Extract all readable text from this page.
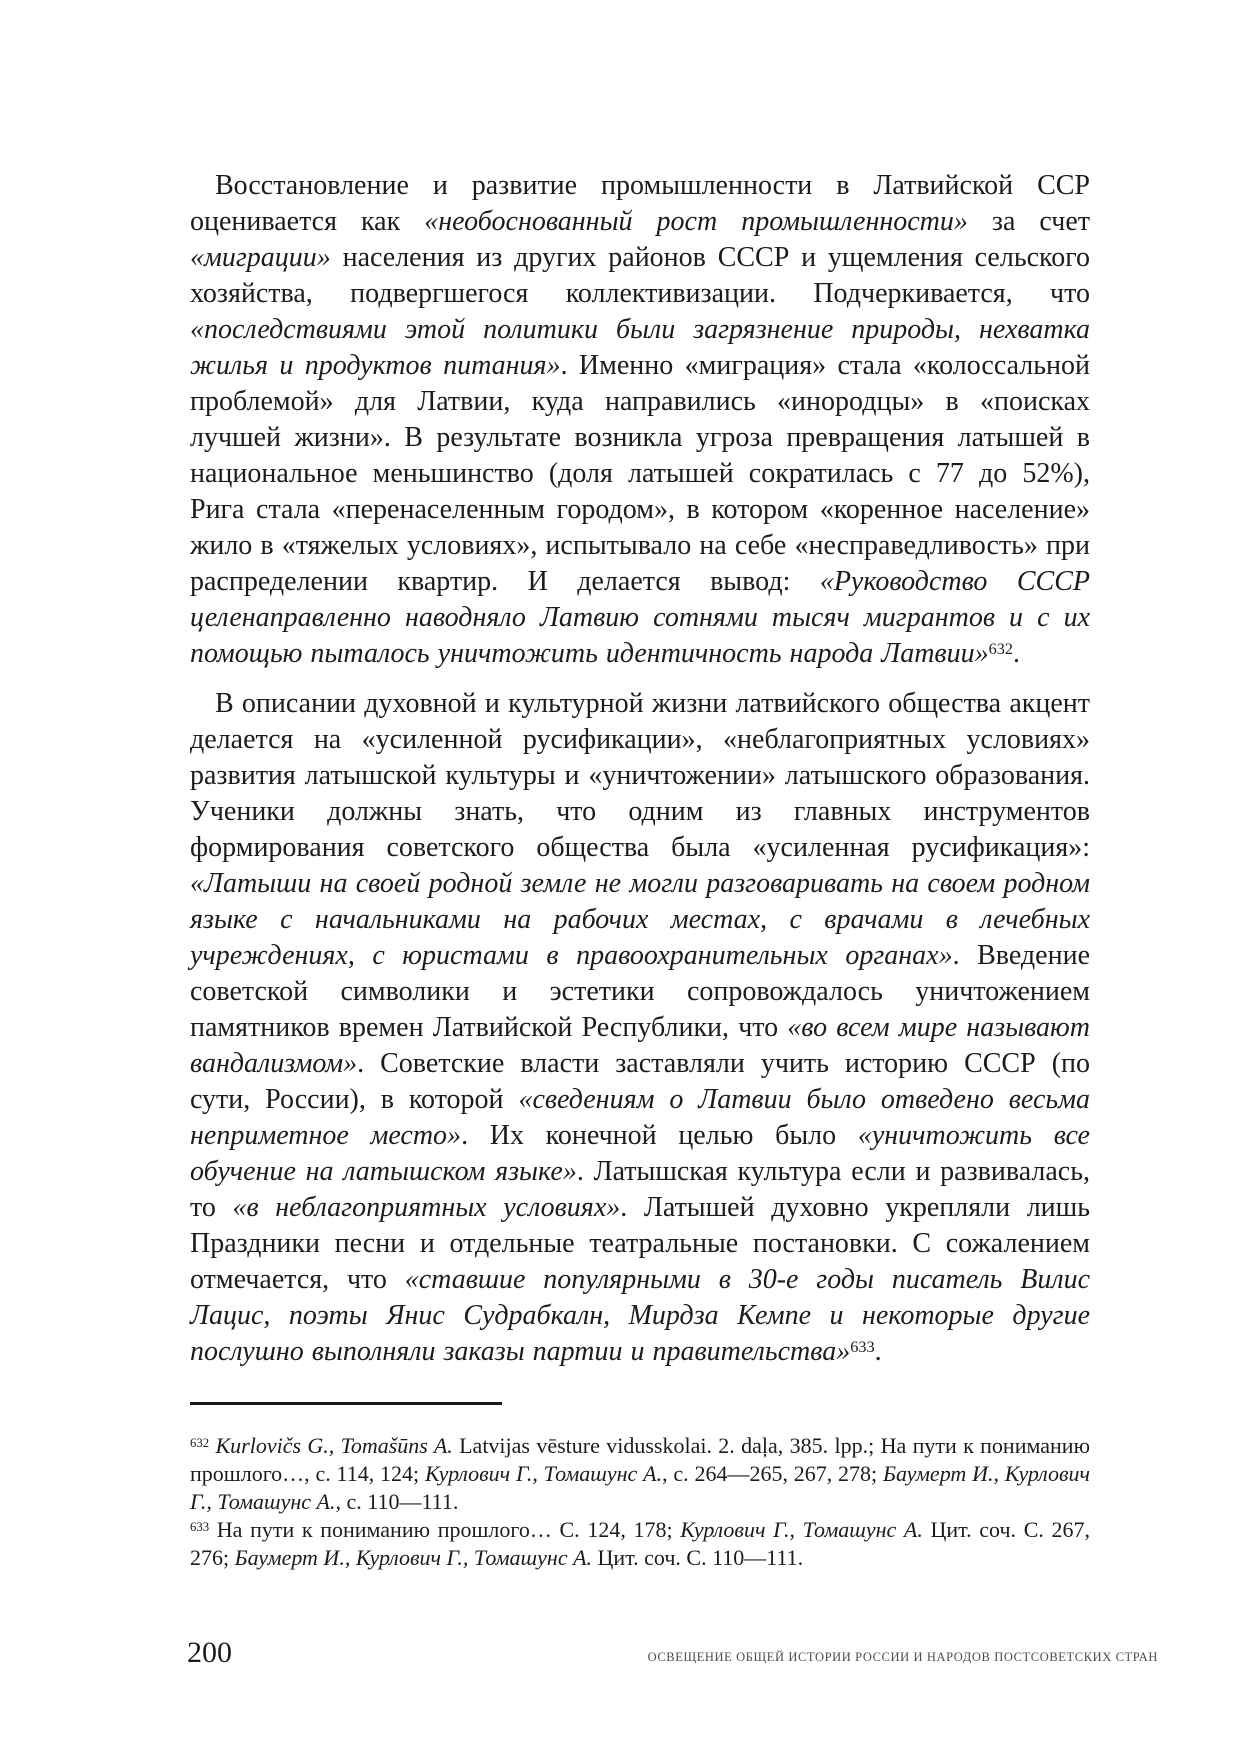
Восстановление и развитие промышленности в Латвийской ССР оценивается как «необоснованный рост промышленности» за счет «миграции» населения из других районов СССР и ущемления сельского хозяйства, подвергшегося коллективизации. Подчеркивается, что «последствиями этой политики были загрязнение природы, нехватка жилья и продуктов питания». Именно «миграция» стала «колоссальной проблемой» для Латвии, куда направились «инородцы» в «поисках лучшей жизни». В результате возникла угроза превращения латышей в национальное меньшинство (доля латышей сократилась с 77 до 52%), Рига стала «перенаселенным городом», в котором «коренное население» жило в «тяжелых условиях», испытывало на себе «несправедливость» при распределении квартир. И делается вывод: «Руководство СССР целенаправленно наводняло Латвию сотнями тысяч мигрантов и с их помощью пыталось уничтожить идентичность народа Латвии»$^{632}$.

В описании духовной и культурной жизни латвийского общества акцент делается на «усиленной русификации», «неблагоприятных условиях» развития латышской культуры и «уничтожении» латышского образования. Ученики должны знать, что одним из главных инструментов формирования советского общества была «усиленная русификация»: «Латыши на своей родной земле не могли разговаривать на своем родном языке с начальниками на рабочих местах, с врачами в лечебных учреждениях, с юристами в правоохранительных органах». Введение советской символики и эстетики сопровождалось уничтожением памятников времен Латвийской Республики, что «во всем мире называют вандализмом». Советские власти заставляли учить историю СССР (по сути, России), в которой «сведениям о Латвии было отведено весьма неприметное место». Их конечной целью было «уничтожить все обучение на латышском языке». Латышская культура если и развивалась, то «в неблагоприятных условиях». Латышей духовно укрепляли лишь Праздники песни и отдельные театральные постановки. С сожалением отмечается, что «ставшие популярными в 30-е годы писатель Вилис Лацис, поэты Янис Судрабкалн, Мирдза Кемпе и некоторые другие послушно выполняли заказы партии и правительства»$^{633}$.

$^{632}$ Kurlovičs G., Tomašūns A. Latvijas vēsture vidusskolai. 2. daļa, 385. lpp.; На пути к пониманию прошлого…, с. 114, 124; Курлович Г., Томашунс А., с. 264—265, 267, 278; Баумерт И., Курлович Г., Томашунс А., с. 110—111.

$^{633}$ На пути к пониманию прошлого… С. 124, 178; Курлович Г., Томашунс А. Цит. соч. С. 267, 276; Баумерт И., Курлович Г., Томашунс А. Цит. соч. С. 110—111.

200	ОСВЕЩЕНИЕ ОБЩЕЙ ИСТОРИИ РОССИИ И НАРОДОВ ПОСТСОВЕТСКИХ СТРАН
